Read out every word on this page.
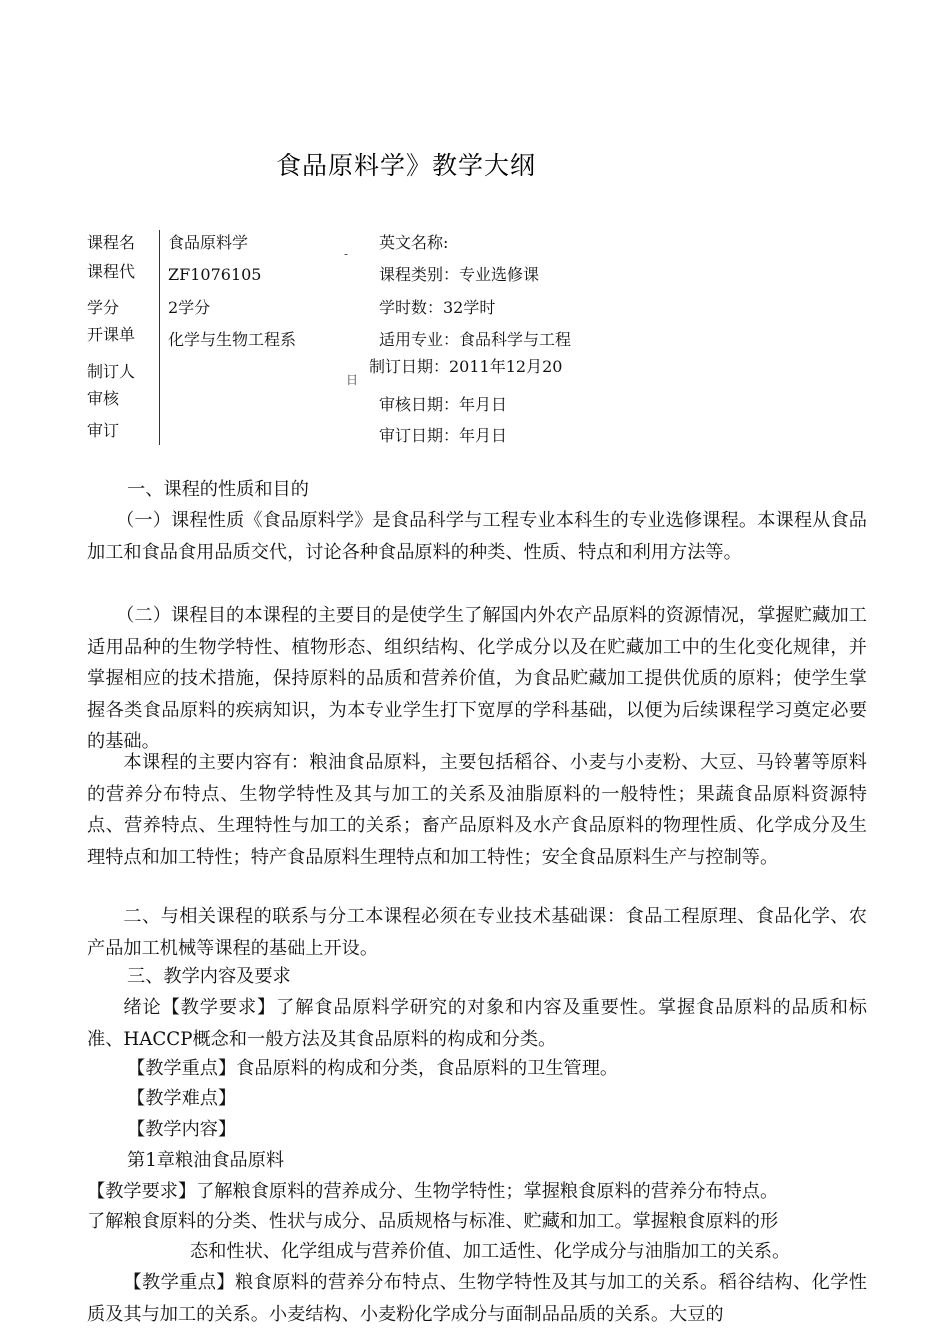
食品原料学》教学大纲
课程名
课程代
学分
开课单
制订人
审核
审订
食品原料学
ZF1076105
2学分
化学与生物工程系
-
日
英文名称:
课程类别：专业选修课
学时数：32学时
适用专业：食品科学与工程
制订日期：2011年12月20
审核日期：年月日
审订日期：年月日
一、课程的性质和目的
（一）课程性质《食品原料学》是食品科学与工程专业本科生的专业选修课程。本课程从食品加工和食品食用品质交代，讨论各种食品原料的种类、性质、特点和利用方法等。
（二）课程目的本课程的主要目的是使学生了解国内外农产品原料的资源情况，掌握贮藏加工适用品种的生物学特性、植物形态、组织结构、化学成分以及在贮藏加工中的生化变化规律，并掌握相应的技术措施，保持原料的品质和营养价值，为食品贮藏加工提供优质的原料；使学生掌握各类食品原料的疾病知识，为本专业学生打下宽厚的学科基础，以便为后续课程学习奠定必要的基础。
本课程的主要内容有：粮油食品原料，主要包括稻谷、小麦与小麦粉、大豆、马铃薯等原料的营养分布特点、生物学特性及其与加工的关系及油脂原料的一般特性；果蔬食品原料资源特点、营养特点、生理特性与加工的关系；畜产品原料及水产食品原料的物理性质、化学成分及生理特点和加工特性；特产食品原料生理特点和加工特性；安全食品原料生产与控制等。
二、与相关课程的联系与分工本课程必须在专业技术基础课：食品工程原理、食品化学、农产品加工机械等课程的基础上开设。
三、教学内容及要求
绪论【教学要求】了解食品原料学研究的对象和内容及重要性。掌握食品原料的品质和标准、HACCP概念和一般方法及其食品原料的构成和分类。
【教学重点】食品原料的构成和分类，食品原料的卫生管理。
【教学难点】
【教学内容】
第1章粮油食品原料
【教学要求】了解粮食原料的营养成分、生物学特性；掌握粮食原料的营养分布特点。
了解粮食原料的分类、性状与成分、品质规格与标准、贮藏和加工。掌握粮食原料的形
态和性状、化学组成与营养价值、加工适性、化学成分与油脂加工的关系。
【教学重点】粮食原料的营养分布特点、生物学特性及其与加工的关系。稻谷结构、化学性质及其与加工的关系。小麦结构、小麦粉化学成分与面制品品质的关系。大豆的
